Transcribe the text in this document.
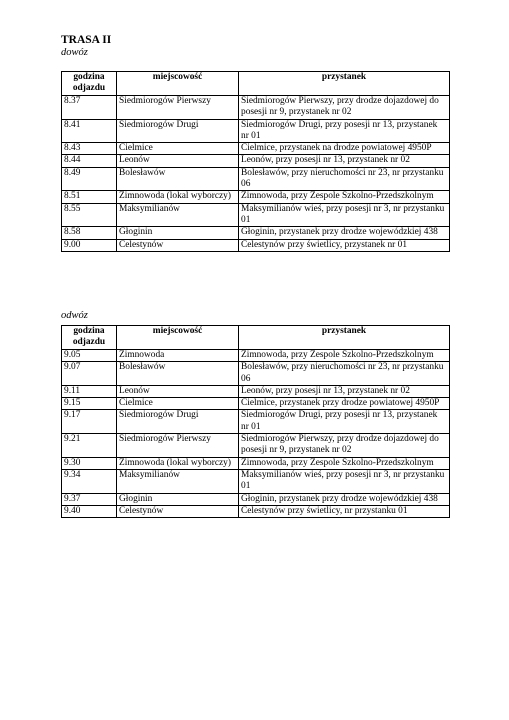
TRASA II
dowóz
godzina odjazdu	miejscowość	przystanek
8.37	Siedmiorogów Pierwszy	Siedmiorogów Pierwszy, przy drodze dojazdowej do posesji nr 9, przystanek nr 02
8.41	Siedmiorogów Drugi	Siedmiorogów Drugi, przy posesji nr 13, przystanek nr 01
8.43	Cielmice	Cielmice, przystanek na drodze powiatowej 4950P
8.44	Leonów	Leonów, przy posesji nr 13, przystanek nr 02
8.49	Bolesławów	Bolesławów, przy nieruchomości nr 23, nr przystanku 06
8.51	Zimnowoda (lokal wyborczy)	Zimnowoda, przy Zespole Szkolno-Przedszkolnym
8.55	Maksymilianów	Maksymilianów wieś, przy posesji nr 3, nr przystanku 01
8.58	Głoginin	Głoginin, przystanek przy drodze wojewódzkiej 438
9.00	Celestynów	Celestynów przy świetlicy, przystanek nr 01
odwóz
godzina odjazdu	miejscowość	przystanek
9.05	Zimnowoda	Zimnowoda, przy Zespole Szkolno-Przedszkolnym
9.07	Bolesławów	Bolesławów, przy nieruchomości nr 23, nr przystanku 06
9.11	Leonów	Leonów, przy posesji nr 13, przystanek nr 02
9.15	Cielmice	Cielmice, przystanek przy drodze powiatowej 4950P
9.17	Siedmiorogów Drugi	Siedmiorogów Drugi, przy posesji nr 13, przystanek nr 01
9.21	Siedmiorogów Pierwszy	Siedmiorogów Pierwszy, przy drodze dojazdowej do posesji nr 9, przystanek nr 02
9.30	Zimnowoda (lokal wyborczy)	Zimnowoda, przy Zespole Szkolno-Przedszkolnym
9.34	Maksymilianów	Maksymilianów wieś, przy posesji nr 3, nr przystanku 01
9.37	Głoginin	Głoginin, przystanek przy drodze wojewódzkiej 438
9.40	Celestynów	Celestynów przy świetlicy, nr przystanku 01
